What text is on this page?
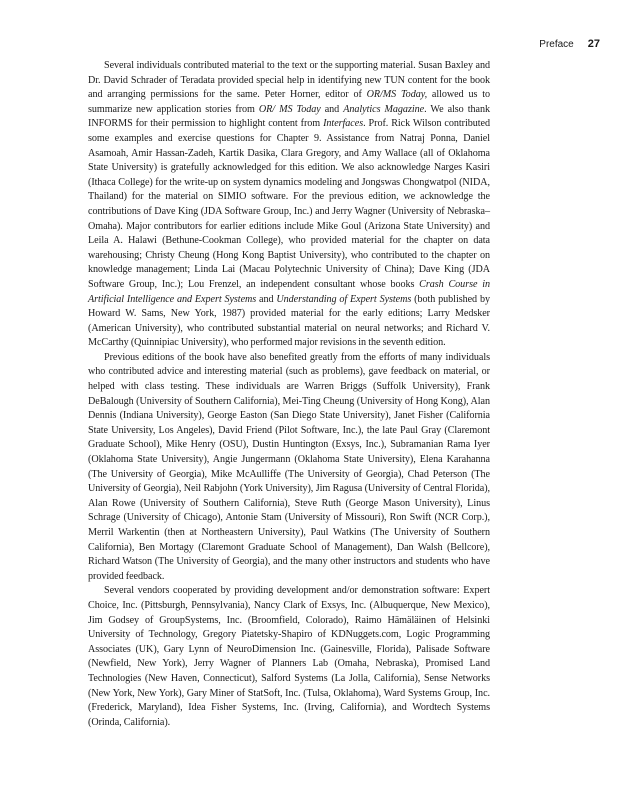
Preface 27

Several individuals contributed material to the text or the supporting material. Susan Baxley and Dr. David Schrader of Teradata provided special help in identifying new TUN content for the book and arranging permissions for the same. Peter Horner, editor of OR/MS Today, allowed us to summarize new application stories from OR/ MS Today and Analytics Magazine. We also thank INFORMS for their permission to highlight content from Interfaces. Prof. Rick Wilson contributed some examples and exercise questions for Chapter 9. Assistance from Natraj Ponna, Daniel Asamoah, Amir Hassan-Zadeh, Kartik Dasika, Clara Gregory, and Amy Wallace (all of Oklahoma State University) is gratefully acknowledged for this edition. We also acknowledge Narges Kasiri (Ithaca College) for the write-up on system dynamics modeling and Jongswas Chongwatpol (NIDA, Thailand) for the material on SIMIO software. For the previous edition, we acknowledge the contributions of Dave King (JDA Software Group, Inc.) and Jerry Wagner (University of Nebraska–Omaha). Major contributors for earlier editions include Mike Goul (Arizona State University) and Leila A. Halawi (Bethune-Cookman College), who provided material for the chapter on data warehousing; Christy Cheung (Hong Kong Baptist University), who contributed to the chapter on knowledge management; Linda Lai (Macau Polytechnic University of China); Dave King (JDA Software Group, Inc.); Lou Frenzel, an independent consultant whose books Crash Course in Artificial Intelligence and Expert Systems and Understanding of Expert Systems (both published by Howard W. Sams, New York, 1987) provided material for the early editions; Larry Medsker (American University), who contributed substantial material on neural networks; and Richard V. McCarthy (Quinnipiac University), who performed major revisions in the seventh edition.

Previous editions of the book have also benefited greatly from the efforts of many individuals who contributed advice and interesting material (such as problems), gave feedback on material, or helped with class testing. These individuals are Warren Briggs (Suffolk University), Frank DeBalough (University of Southern California), Mei-Ting Cheung (University of Hong Kong), Alan Dennis (Indiana University), George Easton (San Diego State University), Janet Fisher (California State University, Los Angeles), David Friend (Pilot Software, Inc.), the late Paul Gray (Claremont Graduate School), Mike Henry (OSU), Dustin Huntington (Exsys, Inc.), Subramanian Rama Iyer (Oklahoma State University), Angie Jungermann (Oklahoma State University), Elena Karahanna (The University of Georgia), Mike McAulliffe (The University of Georgia), Chad Peterson (The University of Georgia), Neil Rabjohn (York University), Jim Ragusa (University of Central Florida), Alan Rowe (University of Southern California), Steve Ruth (George Mason University), Linus Schrage (University of Chicago), Antonie Stam (University of Missouri), Ron Swift (NCR Corp.), Merril Warkentin (then at Northeastern University), Paul Watkins (The University of Southern California), Ben Mortagy (Claremont Graduate School of Management), Dan Walsh (Bellcore), Richard Watson (The University of Georgia), and the many other instructors and students who have provided feedback.

Several vendors cooperated by providing development and/or demonstration software: Expert Choice, Inc. (Pittsburgh, Pennsylvania), Nancy Clark of Exsys, Inc. (Albuquerque, New Mexico), Jim Godsey of GroupSystems, Inc. (Broomfield, Colorado), Raimo Hämäläinen of Helsinki University of Technology, Gregory Piatetsky-Shapiro of KDNuggets.com, Logic Programming Associates (UK), Gary Lynn of NeuroDimension Inc. (Gainesville, Florida), Palisade Software (Newfield, New York), Jerry Wagner of Planners Lab (Omaha, Nebraska), Promised Land Technologies (New Haven, Connecticut), Salford Systems (La Jolla, California), Sense Networks (New York, New York), Gary Miner of StatSoft, Inc. (Tulsa, Oklahoma), Ward Systems Group, Inc. (Frederick, Maryland), Idea Fisher Systems, Inc. (Irving, California), and Wordtech Systems (Orinda, California).
